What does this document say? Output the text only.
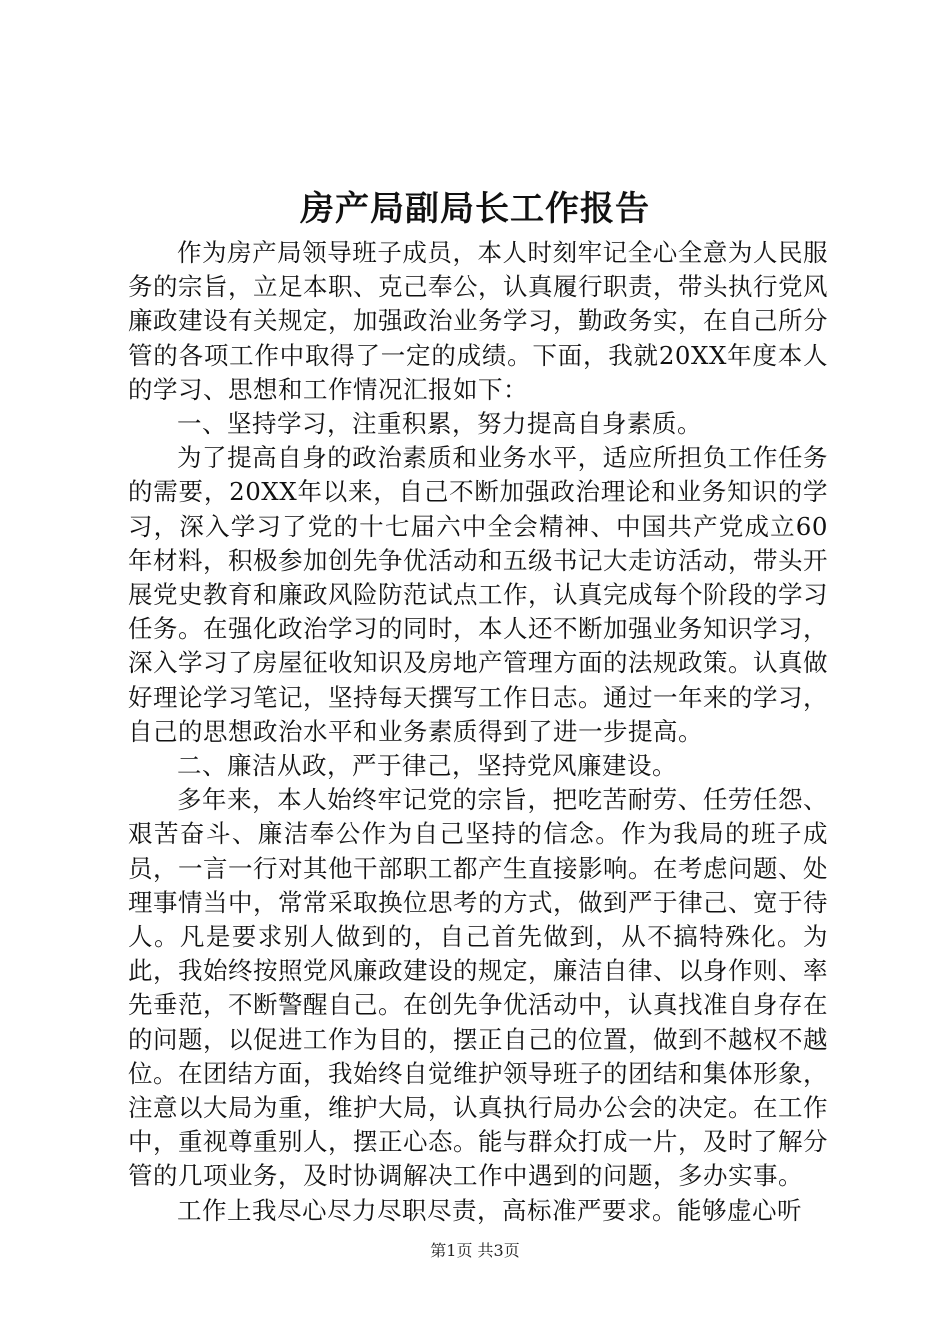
房产局副局长工作报告

作为房产局领导班子成员，本人时刻牢记全心全意为人民服务的宗旨，立足本职、克己奉公，认真履行职责，带头执行党风廉政建设有关规定，加强政治业务学习，勤政务实，在自己所分管的各项工作中取得了一定的成绩。下面，我就20XX年度本人的学习、思想和工作情况汇报如下：

一、坚持学习，注重积累，努力提高自身素质。

为了提高自身的政治素质和业务水平，适应所担负工作任务的需要，20XX年以来，自己不断加强政治理论和业务知识的学习，深入学习了党的十七届六中全会精神、中国共产党成立60年材料，积极参加创先争优活动和五级书记大走访活动，带头开展党史教育和廉政风险防范试点工作，认真完成每个阶段的学习任务。在强化政治学习的同时，本人还不断加强业务知识学习，深入学习了房屋征收知识及房地产管理方面的法规政策。认真做好理论学习笔记，坚持每天撰写工作日志。通过一年来的学习，自己的思想政治水平和业务素质得到了进一步提高。

二、廉洁从政，严于律己，坚持党风廉建设。

多年来，本人始终牢记党的宗旨，把吃苦耐劳、任劳任怨、艰苦奋斗、廉洁奉公作为自己坚持的信念。作为我局的班子成员，一言一行对其他干部职工都产生直接影响。在考虑问题、处理事情当中，常常采取换位思考的方式，做到严于律己、宽于待人。凡是要求别人做到的，自己首先做到，从不搞特殊化。为此，我始终按照党风廉政建设的规定，廉洁自律、以身作则、率先垂范，不断警醒自己。在创先争优活动中，认真找准自身存在的问题，以促进工作为目的，摆正自己的位置，做到不越权不越位。在团结方面，我始终自觉维护领导班子的团结和集体形象，注意以大局为重，维护大局，认真执行局办公会的决定。在工作中，重视尊重别人，摆正心态。能与群众打成一片，及时了解分管的几项业务，及时协调解决工作中遇到的问题，多办实事。

工作上我尽心尽力尽职尽责，高标准严要求。能够虚心听

第1页 共3页
